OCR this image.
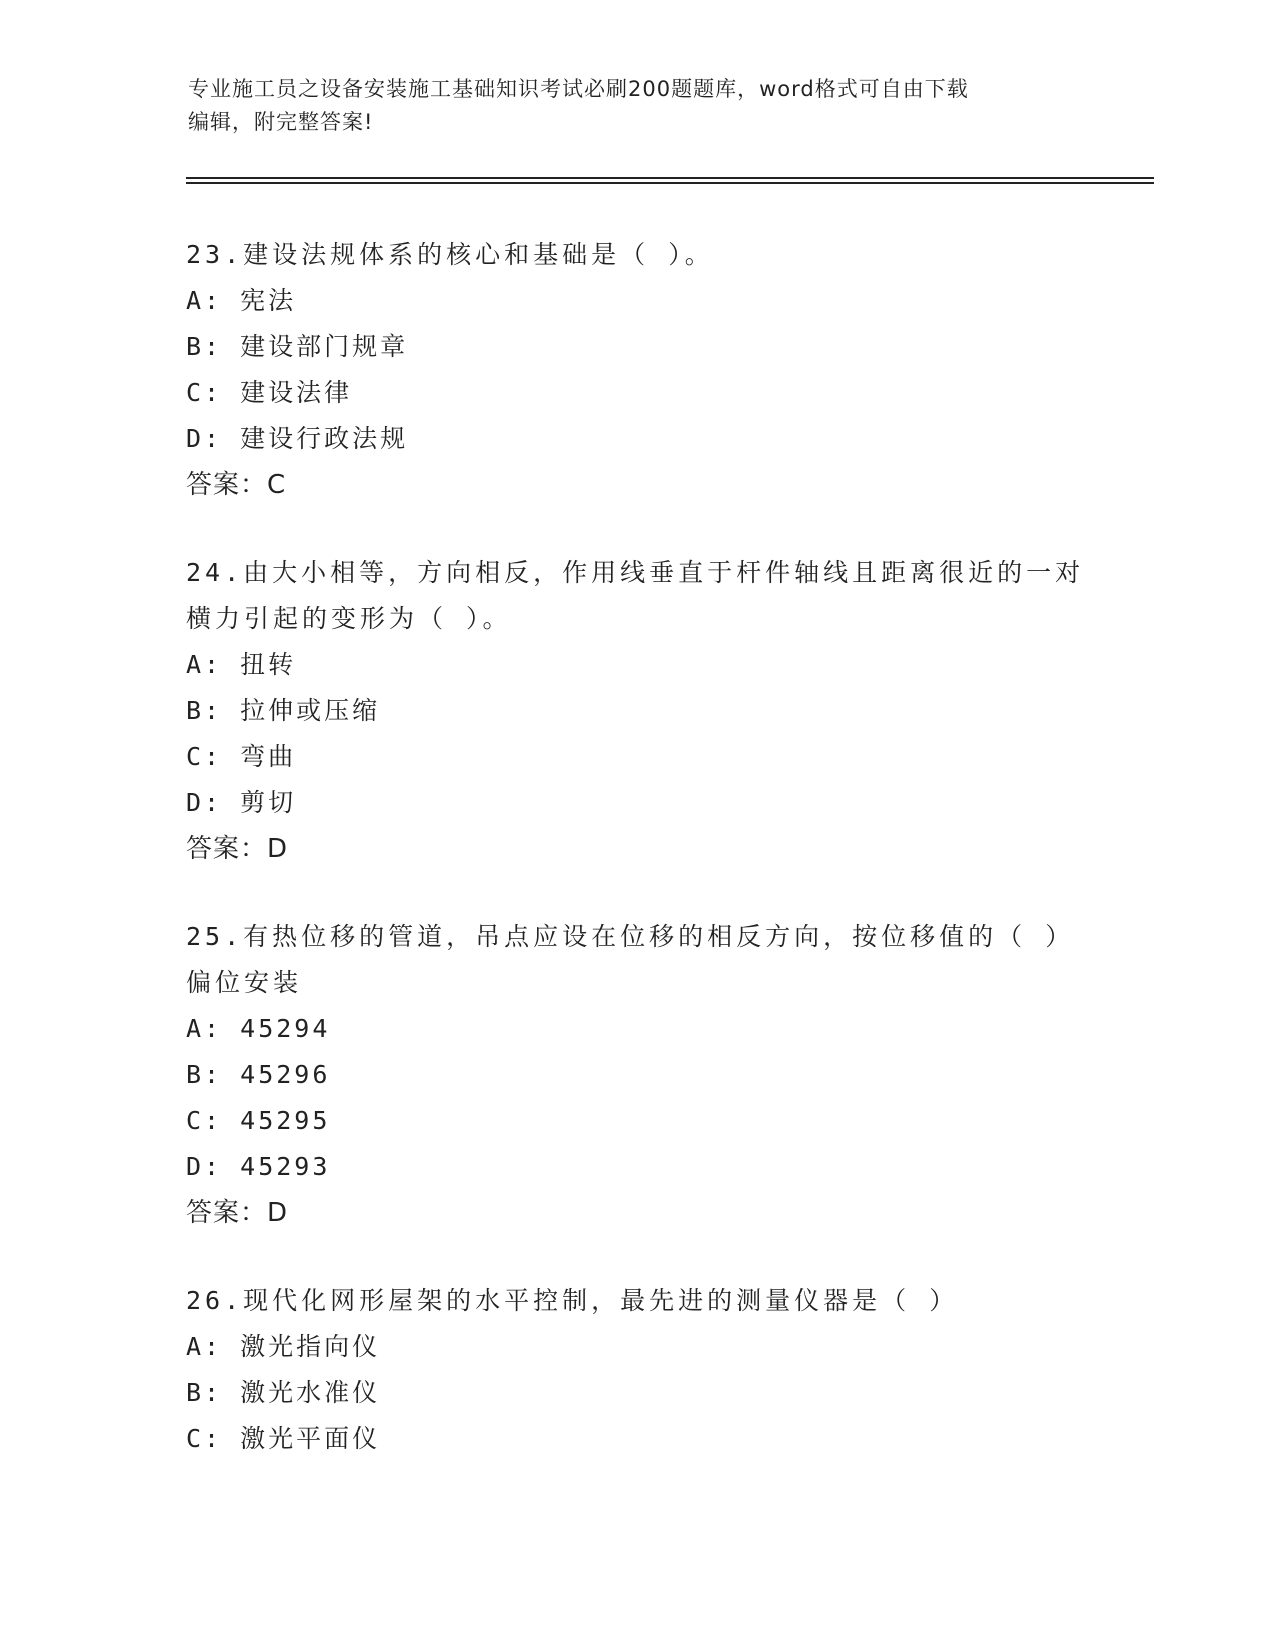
专业施工员之设备安装施工基础知识考试必刷200题题库，word格式可自由下载
编辑，附完整答案!
23.建设法规体系的核心和基础是（ ）。
A: 宪法
B: 建设部门规章
C: 建设法律
D: 建设行政法规
答案：C
24.由大小相等，方向相反，作用线垂直于杆件轴线且距离很近的一对
横力引起的变形为（ ）。
A: 扭转
B: 拉伸或压缩
C: 弯曲
D: 剪切
答案：D
25.有热位移的管道，吊点应设在位移的相反方向，按位移值的（ ）
偏位安装
A: 45294
B: 45296
C: 45295
D: 45293
答案：D
26.现代化网形屋架的水平控制，最先进的测量仪器是（ ）
A: 激光指向仪
B: 激光水准仪
C: 激光平面仪
